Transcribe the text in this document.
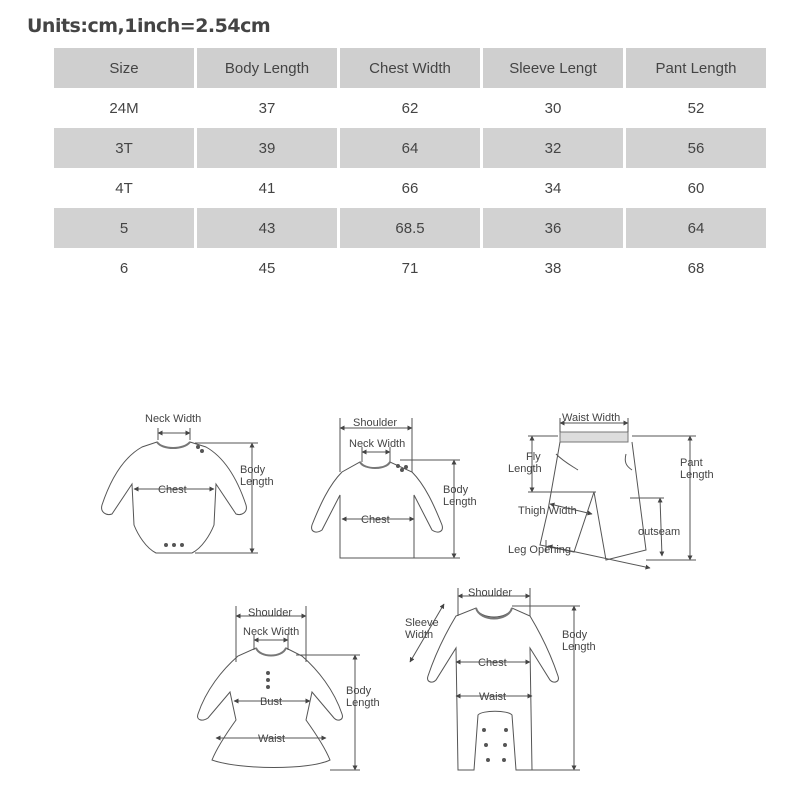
Units:cm,1inch=2.54cm
Size	Body Length	Chest Width	Sleeve Lengt	Pant Length
24M	37	62	30	52
3T	39	64	32	56
4T	41	66	34	60
5	43	68.5	36	64
6	45	71	38	68
Neck Width
Chest
Body
Length
Shoulder
Neck Width
Chest
Body
Length
Waist Width
Fly
Length	Pant
Length
Thigh Width
outseam
Leg Opening
Shoulder
Neck Width
Bust
Waist
Body
Length
Shoulder
Sleeve
Width
Chest
Waist
Body
Length
